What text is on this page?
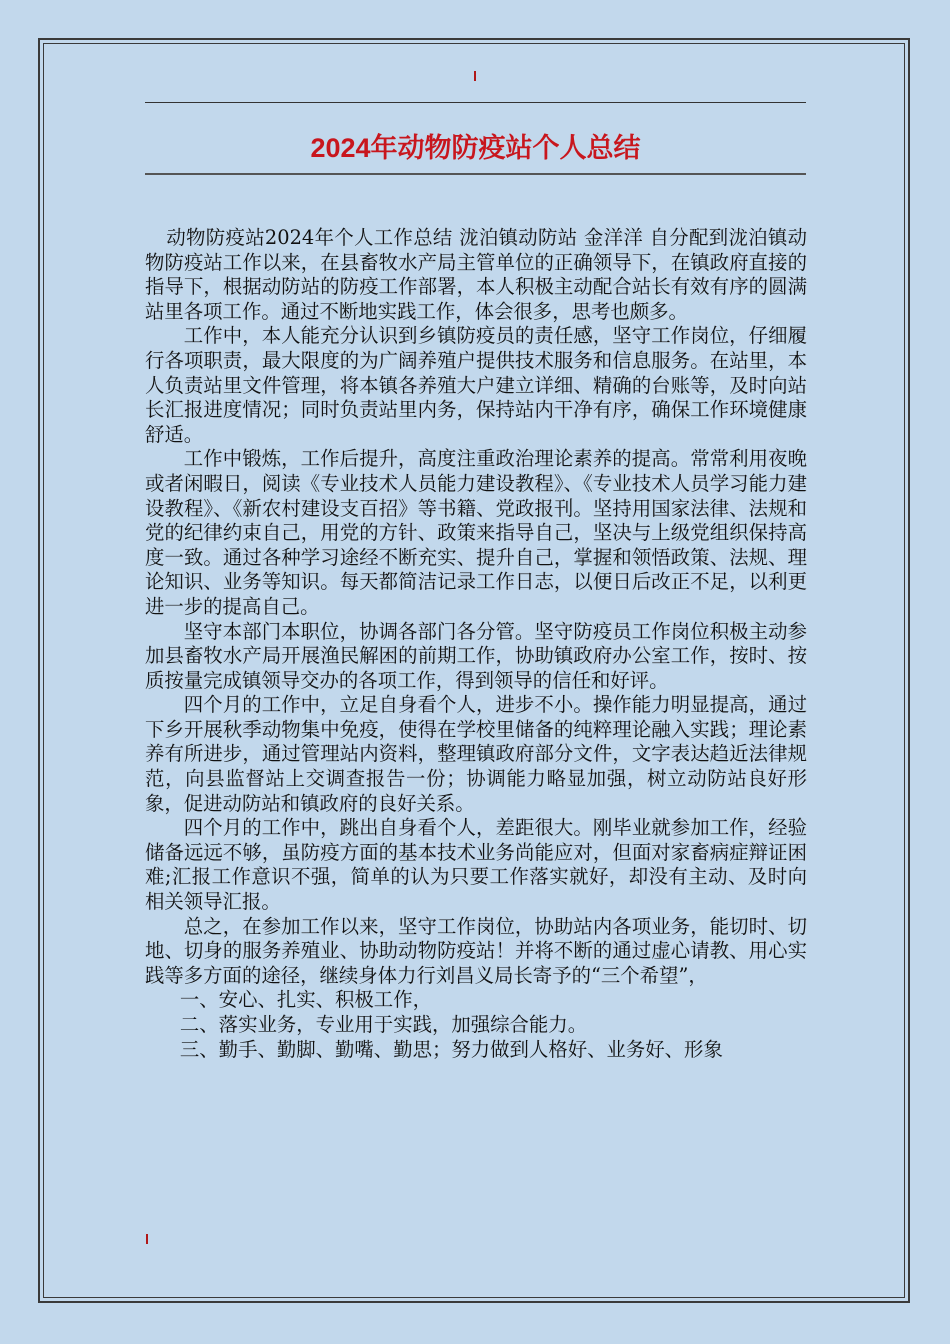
2024年动物防疫站个人总结

动物防疫站2024年个人工作总结 泷泊镇动防站 金洋洋 自分配到泷泊镇动物防疫站工作以来，在县畜牧水产局主管单位的正确领导下，在镇政府直接的指导下，根据动防站的防疫工作部署，本人积极主动配合站长有效有序的圆满站里各项工作。通过不断地实践工作，体会很多，思考也颇多。

工作中，本人能充分认识到乡镇防疫员的责任感，坚守工作岗位，仔细履行各项职责，最大限度的为广阔养殖户提供技术服务和信息服务。在站里，本人负责站里文件管理，将本镇各养殖大户建立详细、精确的台账等，及时向站长汇报进度情况；同时负责站里内务，保持站内干净有序，确保工作环境健康舒适。

工作中锻炼，工作后提升，高度注重政治理论素养的提高。常常利用夜晚或者闲暇日，阅读《专业技术人员能力建设教程》、《专业技术人员学习能力建设教程》、《新农村建设支百招》等书籍、党政报刊。坚持用国家法律、法规和党的纪律约束自己，用党的方针、政策来指导自己，坚决与上级党组织保持高度一致。通过各种学习途经不断充实、提升自己，掌握和领悟政策、法规、理论知识、业务等知识。每天都简洁记录工作日志，以便日后改正不足，以利更进一步的提高自己。

坚守本部门本职位，协调各部门各分管。坚守防疫员工作岗位积极主动参加县畜牧水产局开展渔民解困的前期工作，协助镇政府办公室工作，按时、按质按量完成镇领导交办的各项工作，得到领导的信任和好评。

四个月的工作中，立足自身看个人，进步不小。操作能力明显提高，通过下乡开展秋季动物集中免疫，使得在学校里储备的纯粹理论融入实践；理论素养有所进步，通过管理站内资料，整理镇政府部分文件，文字表达趋近法律规范，向县监督站上交调查报告一份；协调能力略显加强，树立动防站良好形象，促进动防站和镇政府的良好关系。

四个月的工作中，跳出自身看个人，差距很大。刚毕业就参加工作，经验储备远远不够，虽防疫方面的基本技术业务尚能应对，但面对家畜病症辩证困难;汇报工作意识不强，简单的认为只要工作落实就好，却没有主动、及时向相关领导汇报。

总之，在参加工作以来，坚守工作岗位，协助站内各项业务，能切时、切地、切身的服务养殖业、协助动物防疫站！并将不断的通过虚心请教、用心实践等多方面的途径，继续身体力行刘昌义局长寄予的“三个希望”，

一、安心、扎实、积极工作，

二、落实业务，专业用于实践，加强综合能力。

三、勤手、勤脚、勤嘴、勤思；努力做到人格好、业务好、形象
